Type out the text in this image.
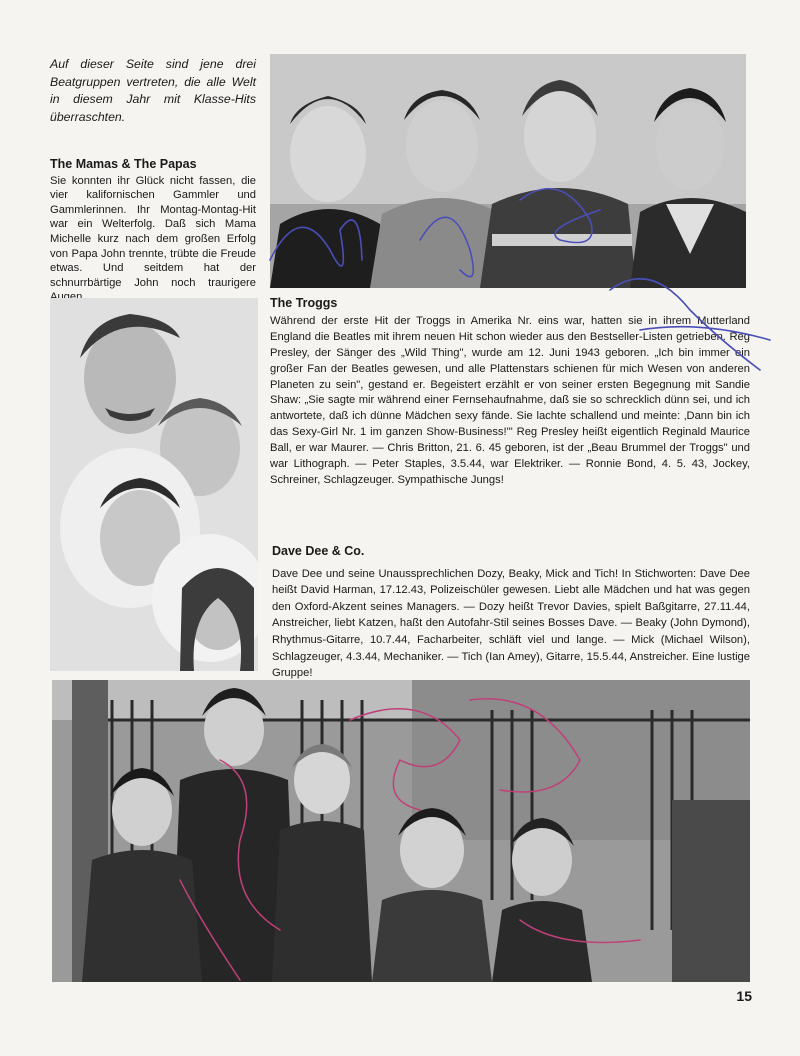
Auf dieser Seite sind jene drei Beatgruppen vertreten, die alle Welt in diesem Jahr mit Klasse-Hits überraschten.
The Mamas & The Papas
Sie konnten ihr Glück nicht fassen, die vier kalifornischen Gammler und Gammlerinnen. Ihr Montag-Montag-Hit war ein Welterfolg. Daß sich Mama Michelle kurz nach dem großen Erfolg von Papa John trennte, trübte die Freude etwas. Und seitdem hat der schnurrbärtige John noch traurigere
The Troggs
Während der erste Hit der Troggs in Amerika Nr. eins war, hatten sie in ihrem Mutterland England die Beatles mit ihrem neuen Hit schon wieder aus den Bestseller-Listen getrieben. Reg Presley, der Sänger des „Wild Thing", wurde am 12. Juni 1943 geboren. „Ich bin immer ein großer Fan der Beatles gewesen, und alle Plattenstars schienen für mich Wesen von anderen Planeten zu sein", gestand er. Begeistert erzählt er von seiner ersten Begegnung mit Sandie Shaw: „Sie sagte mir während einer Fernsehaufnahme, daß sie so schrecklich dünn sei, und ich antwortete, daß ich dünne Mädchen sexy fände. Sie lachte schallend und meinte: ‚Dann bin ich das Sexy-Girl Nr. 1 im ganzen Show-Business!'" Reg Presley heißt eigentlich Reginald Maurice Ball, er war Maurer. — Chris Britton, 21. 6. 45 geboren, ist der „Beau Brummel der Troggs" und war Lithograph. — Peter Staples, 3.5.44, war Elektriker. — Ronnie Bond, 4. 5. 43, Jockey, Schreiner, Schlagzeuger. Sympathische Jungs!
Dave Dee & Co.
Dave Dee und seine Unaussprechlichen Dozy, Beaky, Mick and Tich! In Stichworten: Dave Dee heißt David Harman, 17.12.43, Polizeischüler gewesen. Liebt alle Mädchen und hat was gegen den Oxford-Akzent seines Managers. — Dozy heißt Trevor Davies, spielt Baßgitarre, 27.11.44, Anstreicher, liebt Katzen, haßt den Autofahr-Stil seines Bosses Dave. — Beaky (John Dymond), Rhythmus-Gitarre, 10.7.44, Facharbeiter, schläft viel und lange. — Mick (Michael Wilson), Schlagzeuger, 4.3.44, Mechaniker. — Tich (Ian Amey), Gitarre, 15.5.44, Anstreicher. Eine lustige Gruppe!
15
